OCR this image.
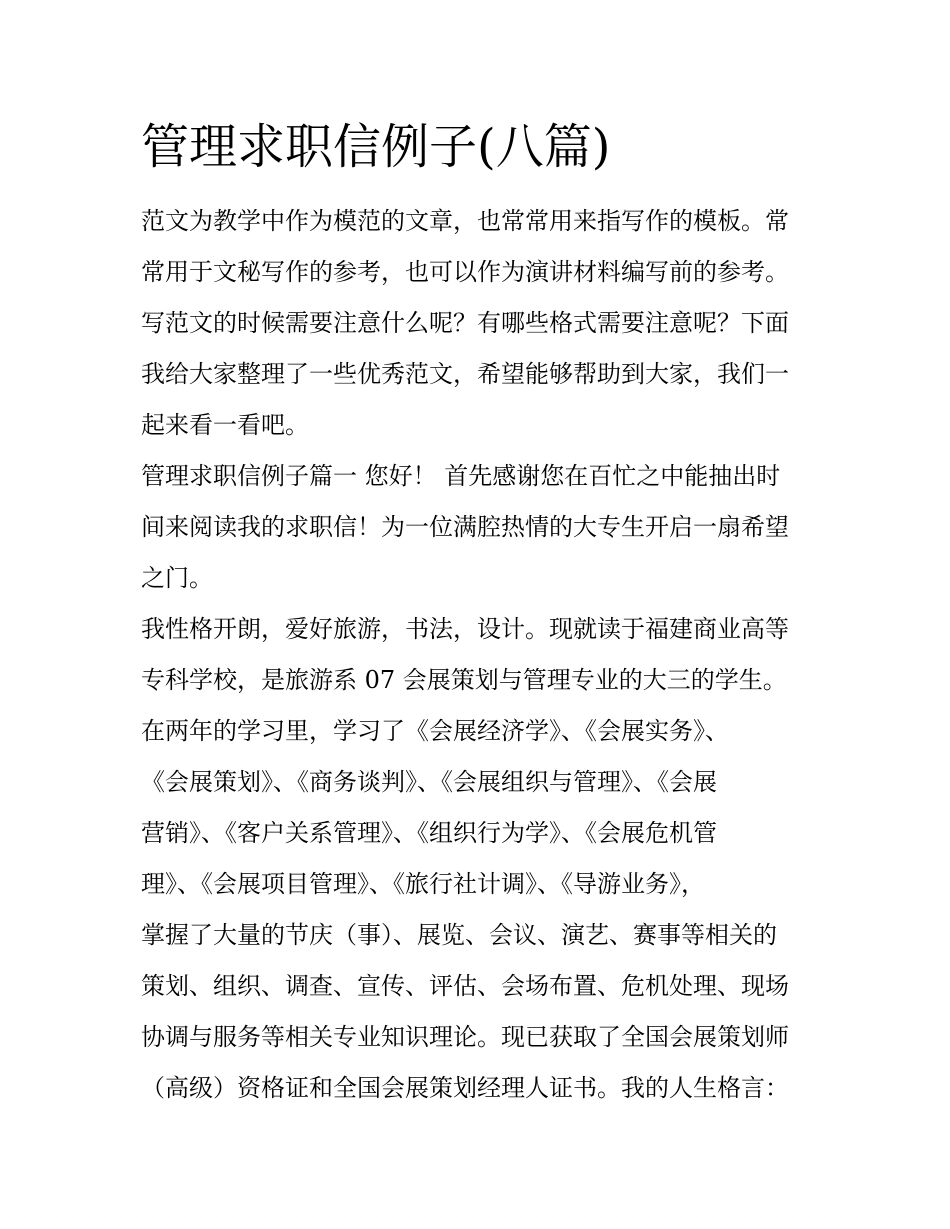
管理求职信例子(八篇)
范文为教学中作为模范的文章，也常常用来指写作的模板。常
常用于文秘写作的参考，也可以作为演讲材料编写前的参考。
写范文的时候需要注意什么呢？有哪些格式需要注意呢？下面
我给大家整理了一些优秀范文，希望能够帮助到大家，我们一
起来看一看吧。
管理求职信例子篇一 您好！ 首先感谢您在百忙之中能抽出时
间来阅读我的求职信！为一位满腔热情的大专生开启一扇希望
之门。
我性格开朗，爱好旅游，书法，设计。现就读于福建商业高等
专科学校，是旅游系 07 会展策划与管理专业的大三的学生。
在两年的学习里，学习了《会展经济学》、《会展实务》、
《会展策划》、《商务谈判》、《会展组织与管理》、《会展
营销》、《客户关系管理》、《组织行为学》、《会展危机管
理》、《会展项目管理》、《旅行社计调》、《导游业务》，
掌握了大量的节庆（事）、展览、会议、演艺、赛事等相关的
策划、组织、调查、宣传、评估、会场布置、危机处理、现场
协调与服务等相关专业知识理论。现已获取了全国会展策划师
（高级）资格证和全国会展策划经理人证书。我的人生格言：
